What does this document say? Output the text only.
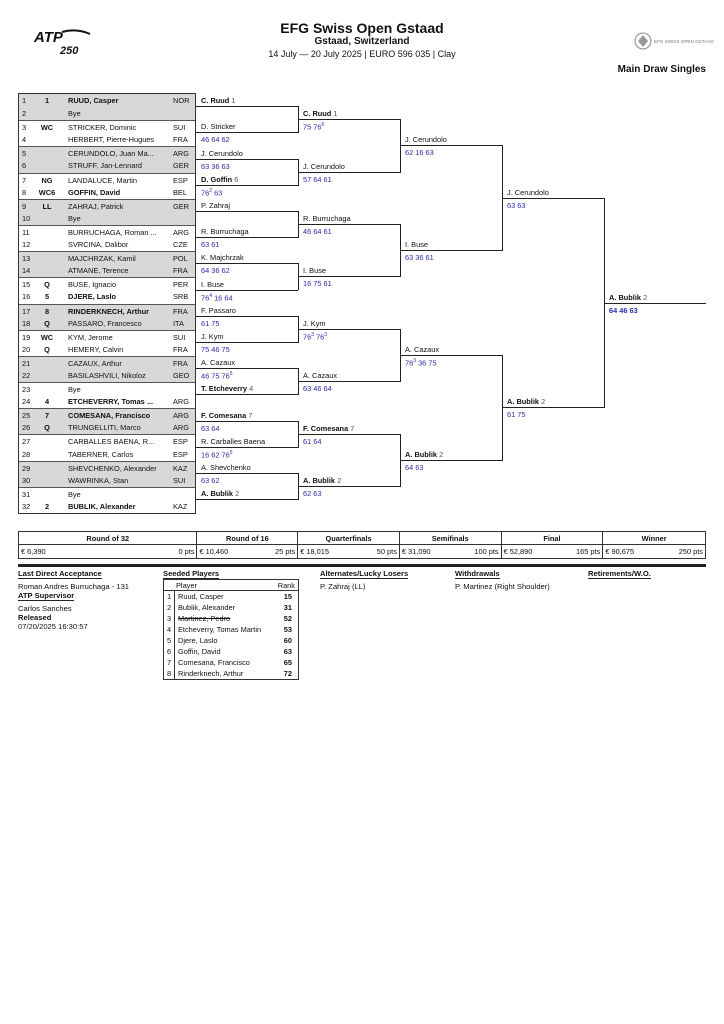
ATP
250
EFG Swiss Open Gstaad
Gstaad, Switzerland
14 July — 20 July 2025 | EURO 596 035 | Clay
EFG SWISS OPEN GSTAAD
Main Draw Singles
1	1	RUUD, Casper	NOR
2	Bye
3	WC	STRICKER, Dominic	SUI
4	HERBERT, Pierre-Hugues	FRA
5	CERUNDOLO, Juan Ma...	ARG
6	STRUFF, Jan-Lennard	GER
7	NG	LANDALUCE, Martin	ESP
8	WC6 GOFFIN, David	BEL
9	LL	ZAHRAJ, Patrick	GER
10	Bye
11	BURRUCHAGA, Roman ...	ARG
12	SVRCINA, Dalibor	CZE
13	MAJCHRZAK, Kamil	POL
14	ATMANE, Terence	FRA
15	Q	BUSE, Ignacio	PER
16	5	DJERE, Laslo	SRB
17	8	RINDERKNECH, Arthur	FRA
18	Q	PASSARO, Francesco	ITA
19	WC	KYM, Jerome	SUI
20	Q	HEMERY, Calvin	FRA
21	CAZAUX, Arthur	FRA
22	BASILASHVILI, Nikoloz	GEO
23	Bye
24	4	ETCHEVERRY, Tomas ...	ARG
25	7	COMESANA, Francisco	ARG
26	Q	TRUNGELLITI, Marco	ARG
27	CARBALLES BAENA, R...	ESP
28	TABERNER, Carlos	ESP
29	SHEVCHENKO, Alexander	KAZ
30	WAWRINKA, Stan	SUI
31	Bye
32	2	BUBLIK, Alexander	KAZ
C. Ruud 1
D. Stricker
46 64 62
J. Cerundolo
63 36 63
D. Goffin 6
$76^2$ 63
P. Zahraj
R. Burruchaga
63 61
K. Majchrzak
64 36 62
I. Buse
$76^4$ 16 64
F. Passaro
61 75
J. Kym
75 46 75
A. Cazaux
46 75 $76^5$
T. Etcheverry 4
F. Comesana 7
63 64
R. Carballes Baena
16 62 $76^5$
A. Shevchenko
63 62
A. Bublik 2
C. Ruud 1
75 $76^6$
J. Cerundolo
57 64 61
R. Burruchaga
46 64 61
I. Buse
16 75 61
J. Kym
$76^3$ $76^3$
A. Cazaux
63 46 64
F. Comesana 7
61 64
A. Bublik 2
62 63
J. Cerundolo
62 16 63
I. Buse
63 36 61
A. Cazaux
$76^3$ 36 75
A. Bublik 2
64 63
J. Cerundolo
63 63
A. Bublik 2
61 75
A. Bublik 2
64 46 63
Round of 32	Round of 16	Quarterfinals	Semifinals	Final	Winner
€ 6,390	0 pts € 10,460	25 pts € 18,015	50 pts € 31,090	100 pts € 52,890	165 pts € 90,675	250 pts
Last Direct Acceptance
Roman Andres Burruchaga - 131
ATP Supervisor
Carlos Sanches
Released
07/20/2025 16:30:57
Seeded Players
Player	Rank
1 Ruud, Casper	15
2 Bublik, Alexander	31
3 Martinez, Pedro	52
4 Etcheverry, Tomas Martin	53
5 Djere, Laslo	60
6 Goffin, David	63
7 Comesana, Francisco	65
8 Rinderknech, Arthur	72
Alternates/Lucky Losers
P. Zahraj (LL)
Withdrawals
P. Martinez (Right Shoulder)
Retirements/W.O.
